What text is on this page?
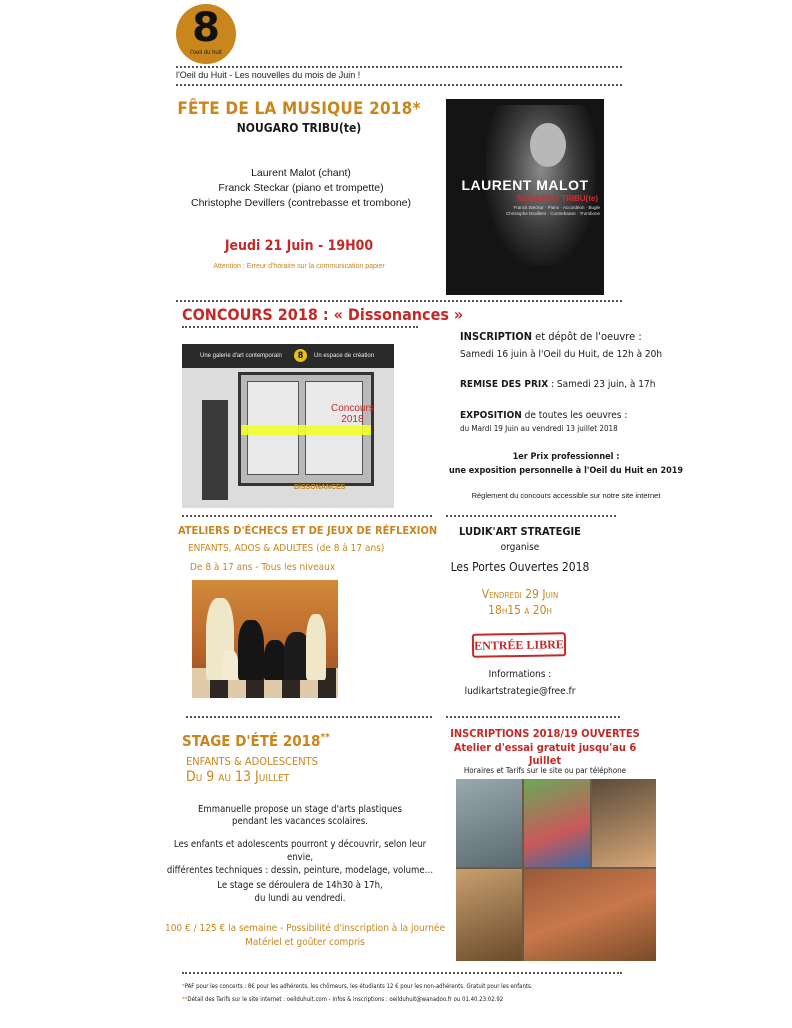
8
l'oeil du huit
l'Oeil du Huit - Les nouvelles du mois de Juin !
FÊTE DE LA MUSIQUE 2018*
NOUGARO TRIBU(te)
Laurent Malot (chant)
Franck Steckar (piano et trompette)
Christophe Devillers (contrebasse et trombone)
Jeudi 21 Juin - 19H00
Attention : Erreur d'horaire sur la communication papier
LAURENT MALOT
NOUGARO TRIBU(te)
Franck Steckar · Piano · Accordéon · Bugle
Christophe Devillers · Contrebasse · Trombone
CONCOURS 2018 : « Dissonances »
Une galerie d'art contemporain	Un espace de création
8
Concours
2018
DISSONANCES
INSCRIPTION et dépôt de l'oeuvre :
Samedi 16 juin à l'Oeil du Huit, de 12h à 20h
REMISE DES PRIX : Samedi 23 juin, à 17h
EXPOSITION de toutes les oeuvres :
du Mardi 19 Juin au vendredi 13 juillet 2018
1er Prix professionnel :
une exposition personnelle à l'Oeil du Huit en 2019
Règlement du concours accessible sur notre site internet
ATELIERS D'ÉCHECS ET DE JEUX DE RÉFLEXION
ENFANTS, ADOS & ADULTES (de 8 à 17 ans)
De 8 à 17 ans - Tous les niveaux
LUDIK'ART STRATEGIE
organise
Les Portes Ouvertes 2018
Vendredi 29 Juin
18h15 à 20h
ENTRÉE LIBRE
Informations :
ludikartstrategie@free.fr
STAGE D'ÉTÉ 2018**
ENFANTS & ADOLESCENTS
Du 9 au 13 Juillet
Emmanuelle propose un stage d'arts plastiques
pendant les vacances scolaires.
Les enfants et adolescents pourront y découvrir, selon leur envie,
différentes techniques : dessin, peinture, modelage, volume…
Le stage se déroulera de 14h30 à 17h,
du lundi au vendredi.
100 € / 125 € la semaine - Possibilité d'inscription à la journée
Matériel et goûter compris
INSCRIPTIONS 2018/19 OUVERTES
Atelier d'essai gratuit jusqu'au 6 Juillet
Horaires et Tarifs sur le site ou par téléphone
*PAF pour les concerts : 8€ pour les adhérents, les chômeurs, les étudiants 12 € pour les non-adhérents. Gratuit pour les enfants.
**Détail des Tarifs sur le site internet : oeilduhuit.com - Infos & Inscriptions : oeilduhuit@wanadoo.fr ou 01.40.23.02.92
